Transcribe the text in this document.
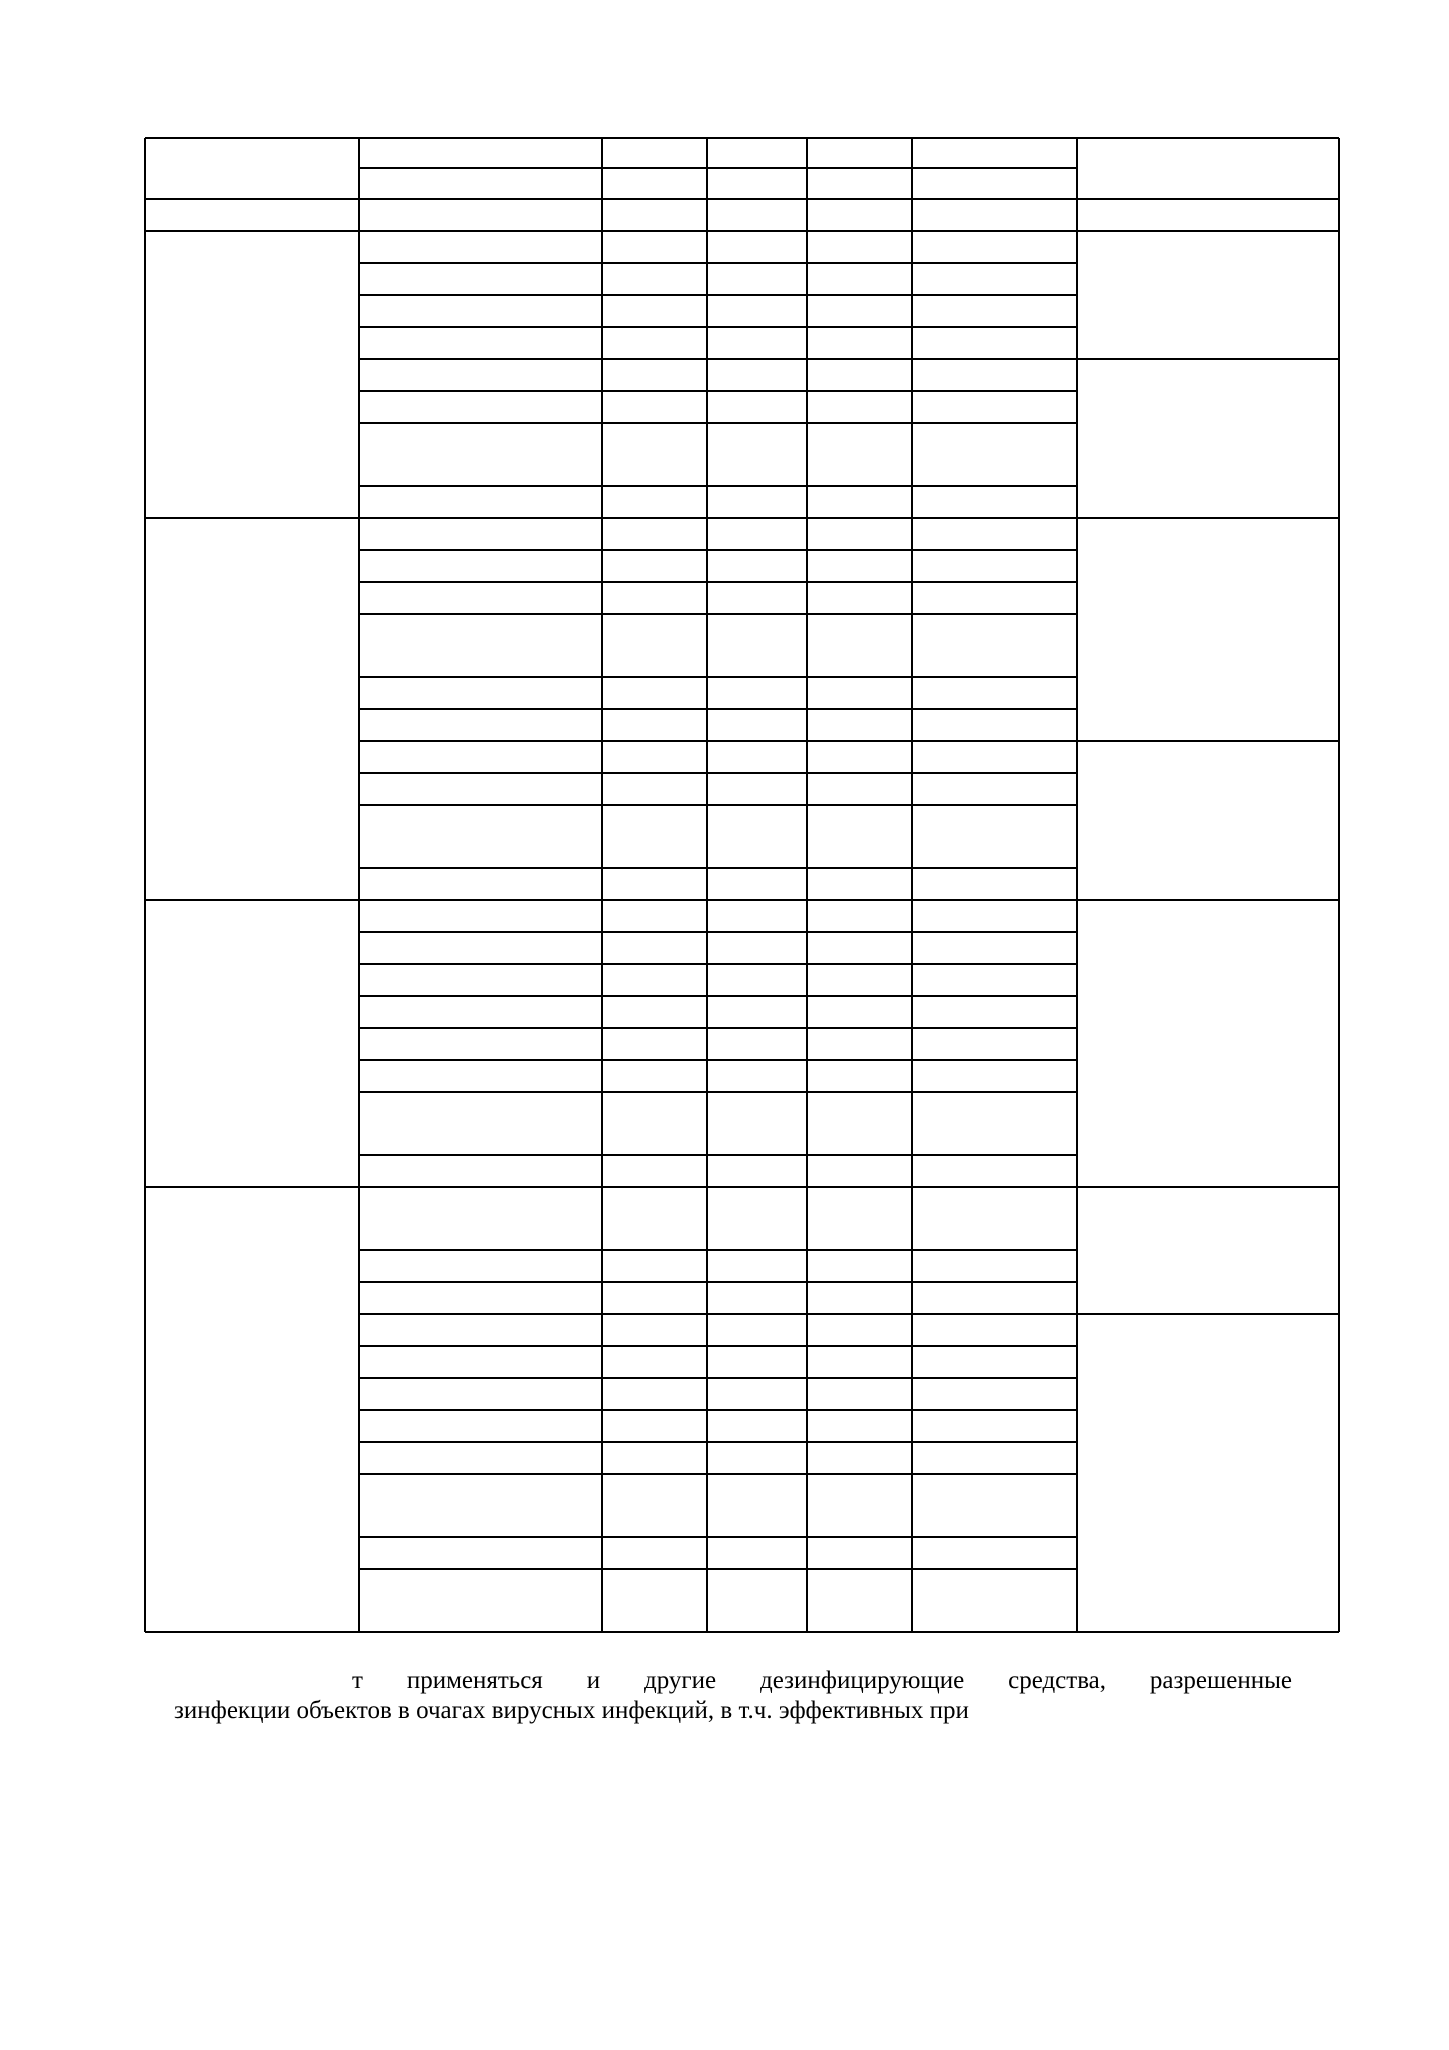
т применяться и другие дезинфицирующие средства, разрешенные

зинфекции объектов в очагах вирусных инфекций, в т.ч. эффективных при
